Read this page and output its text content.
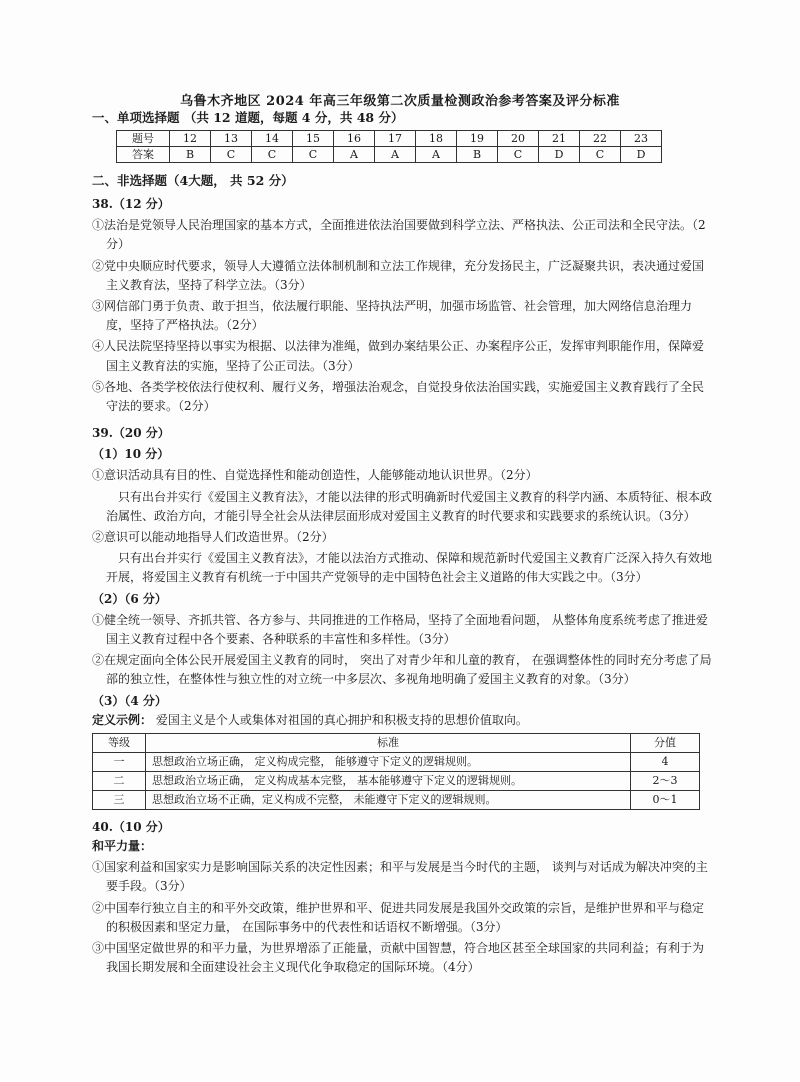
乌鲁木齐地区 2024 年高三年级第二次质量检测政治参考答案及评分标准

一、单项选择题 （共 12 道题，每题 4 分，共 48 分）

题号	12	13	14	15	16	17	18	19	20	21	22	23
答案	B	C	C	C	A	A	A	B	C	D	C	D

二、非选择题（4大题， 共 52 分）

38.（12 分）

①法治是党领导人民治理国家的基本方式，全面推进依法治国要做到科学立法、严格执法、公正司法和全民守法。（2分）

②党中央顺应时代要求，领导人大遵循立法体制机制和立法工作规律，充分发扬民主，广泛凝聚共识，表决通过爱国主义教育法，坚持了科学立法。（3分）

③网信部门勇于负责、敢于担当，依法履行职能、坚持执法严明，加强市场监管、社会管理，加大网络信息治理力度，坚持了严格执法。（2分）

④人民法院坚持坚持以事实为根据、以法律为准绳，做到办案结果公正、办案程序公正，发挥审判职能作用，保障爱国主义教育法的实施，坚持了公正司法。（3分）

⑤各地、各类学校依法行使权利、履行义务，增强法治观念，自觉投身依法治国实践，实施爱国主义教育践行了全民守法的要求。（2分）

39.（20 分）

（1）10 分）

①意识活动具有目的性、自觉选择性和能动创造性，人能够能动地认识世界。（2分）

只有出台并实行《爱国主义教育法》，才能以法律的形式明确新时代爱国主义教育的科学内涵、本质特征、根本政治属性、政治方向，才能引导全社会从法律层面形成对爱国主义教育的时代要求和实践要求的系统认识。（3分）

②意识可以能动地指导人们改造世界。（2分）

只有出台并实行《爱国主义教育法》，才能以法治方式推动、保障和规范新时代爱国主义教育广泛深入持久有效地开展，将爱国主义教育有机统一于中国共产党领导的走中国特色社会主义道路的伟大实践之中。（3分）

（2）（6 分）

①健全统一领导、齐抓共管、各方参与、共同推进的工作格局，坚持了全面地看问题， 从整体角度系统考虑了推进爱国主义教育过程中各个要素、各种联系的丰富性和多样性。（3分）

②在规定面向全体公民开展爱国主义教育的同时， 突出了对青少年和儿童的教育， 在强调整体性的同时充分考虑了局部的独立性，在整体性与独立性的对立统一中多层次、多视角地明确了爱国主义教育的对象。（3分）

（3）（4 分）

定义示例： 爱国主义是个人或集体对祖国的真心拥护和积极支持的思想价值取向。

等级	标准	分值
一	思想政治立场正确， 定义构成完整， 能够遵守下定义的逻辑规则。	4
二	思想政治立场正确， 定义构成基本完整， 基本能够遵守下定义的逻辑规则。	2～3
三	思想政治立场不正确，定义构成不完整， 未能遵守下定义的逻辑规则。	0～1

40.（10 分）

和平力量：

①国家利益和国家实力是影响国际关系的决定性因素；和平与发展是当今时代的主题， 谈判与对话成为解决冲突的主要手段。（3分）

②中国奉行独立自主的和平外交政策，维护世界和平、促进共同发展是我国外交政策的宗旨，是维护世界和平与稳定的积极因素和坚定力量， 在国际事务中的代表性和话语权不断增强。（3分）

③中国坚定做世界的和平力量，为世界增添了正能量，贡献中国智慧，符合地区甚至全球国家的共同利益；有利于为我国长期发展和全面建设社会主义现代化争取稳定的国际环境。（4分）
